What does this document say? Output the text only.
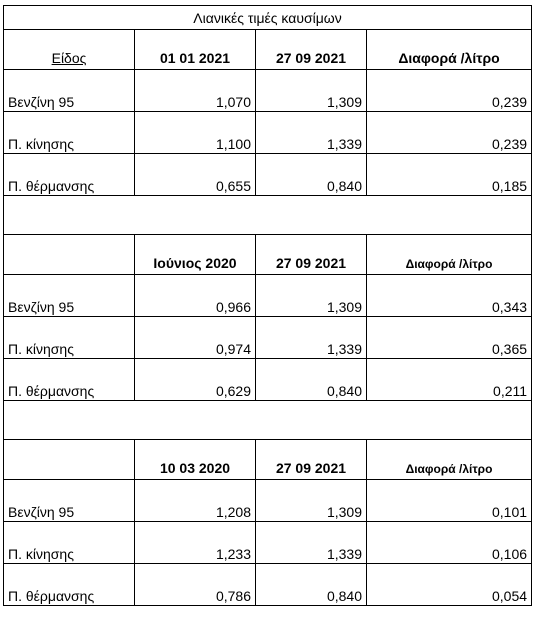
Λιανικές τιμές καυσίμων			
Είδος	01 01 2021	27 09 2021	Διαφορά /λίτρο
Βενζίνη 95	1,070	1,309	0,239
Π. κίνησης	1,100	1,339	0,239
Π. θέρμανσης	0,655	0,840	0,185

	Ιούνιος 2020	27 09 2021	Διαφορά /λίτρο
Βενζίνη 95	0,966	1,309	0,343
Π. κίνησης	0,974	1,339	0,365
Π. θέρμανσης	0,629	0,840	0,211

	10 03 2020	27 09 2021	Διαφορά /λίτρο
Βενζίνη 95	1,208	1,309	0,101
Π. κίνησης	1,233	1,339	0,106
Π. θέρμανσης	0,786	0,840	0,054
